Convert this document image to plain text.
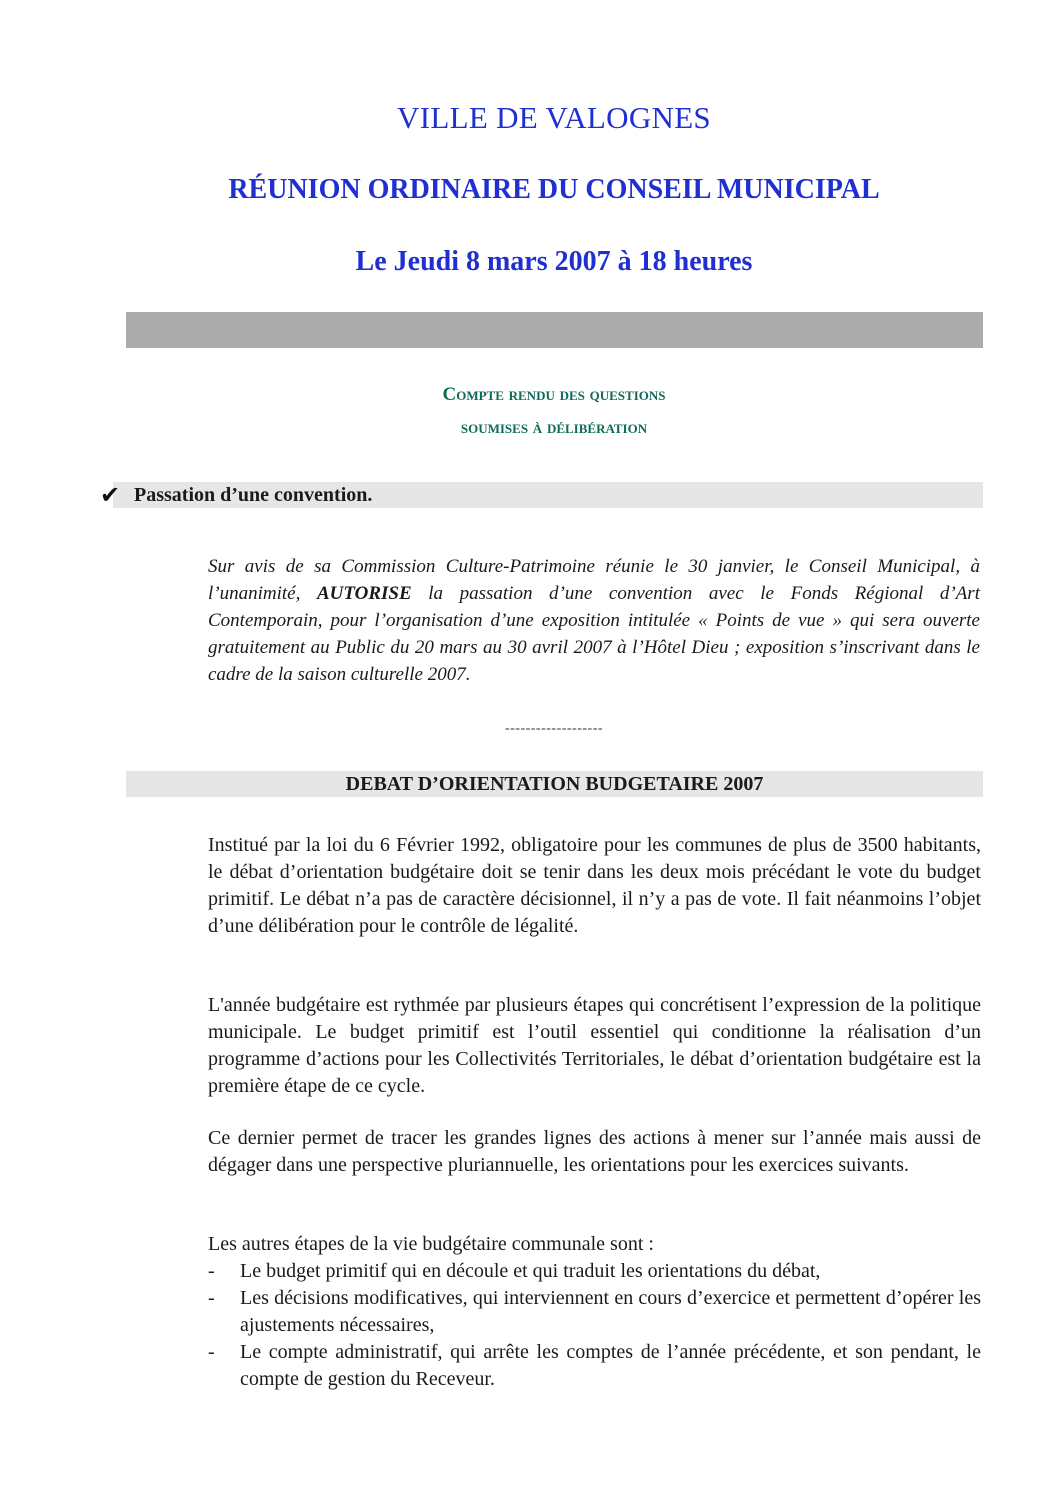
VILLE DE VALOGNES
RÉUNION ORDINAIRE DU CONSEIL MUNICIPAL
Le Jeudi 8 mars 2007 à 18 heures
Compte rendu des questions
soumises à délibération
✔ Passation d’une convention.
Sur avis de sa Commission Culture-Patrimoine réunie le 30 janvier, le Conseil Municipal, à l’unanimité, AUTORISE la passation d’une convention avec le Fonds Régional d’Art Contemporain, pour l’organisation d’une exposition intitulée « Points de vue » qui sera ouverte gratuitement au Public du 20 mars au 30 avril 2007 à l’Hôtel Dieu ; exposition s’inscrivant dans le cadre de la saison culturelle 2007.
-------------------
DEBAT D’ORIENTATION BUDGETAIRE 2007
Institué par la loi du 6 Février 1992, obligatoire pour les communes de plus de 3500 habitants, le débat d’orientation budgétaire doit se tenir dans les deux mois précédant le vote du budget primitif. Le débat n’a pas de caractère décisionnel, il n’y a pas de vote. Il fait néanmoins l’objet d’une délibération pour le contrôle de légalité.
L'année budgétaire est rythmée par plusieurs étapes qui concrétisent l’expression de la politique municipale. Le budget primitif est l’outil essentiel qui conditionne la réalisation d’un programme d’actions pour les Collectivités Territoriales, le débat d’orientation budgétaire est la première étape de ce cycle.
Ce dernier permet de tracer les grandes lignes des actions à mener sur l’année mais aussi de dégager dans une perspective pluriannuelle, les orientations pour les exercices suivants.
Les autres étapes de la vie budgétaire communale sont :
- Le budget primitif qui en découle et qui traduit les orientations du débat,
- Les décisions modificatives, qui interviennent en cours d’exercice et permettent d’opérer les ajustements nécessaires,
- Le compte administratif, qui arrête les comptes de l’année précédente, et son pendant, le compte de gestion du Receveur.
